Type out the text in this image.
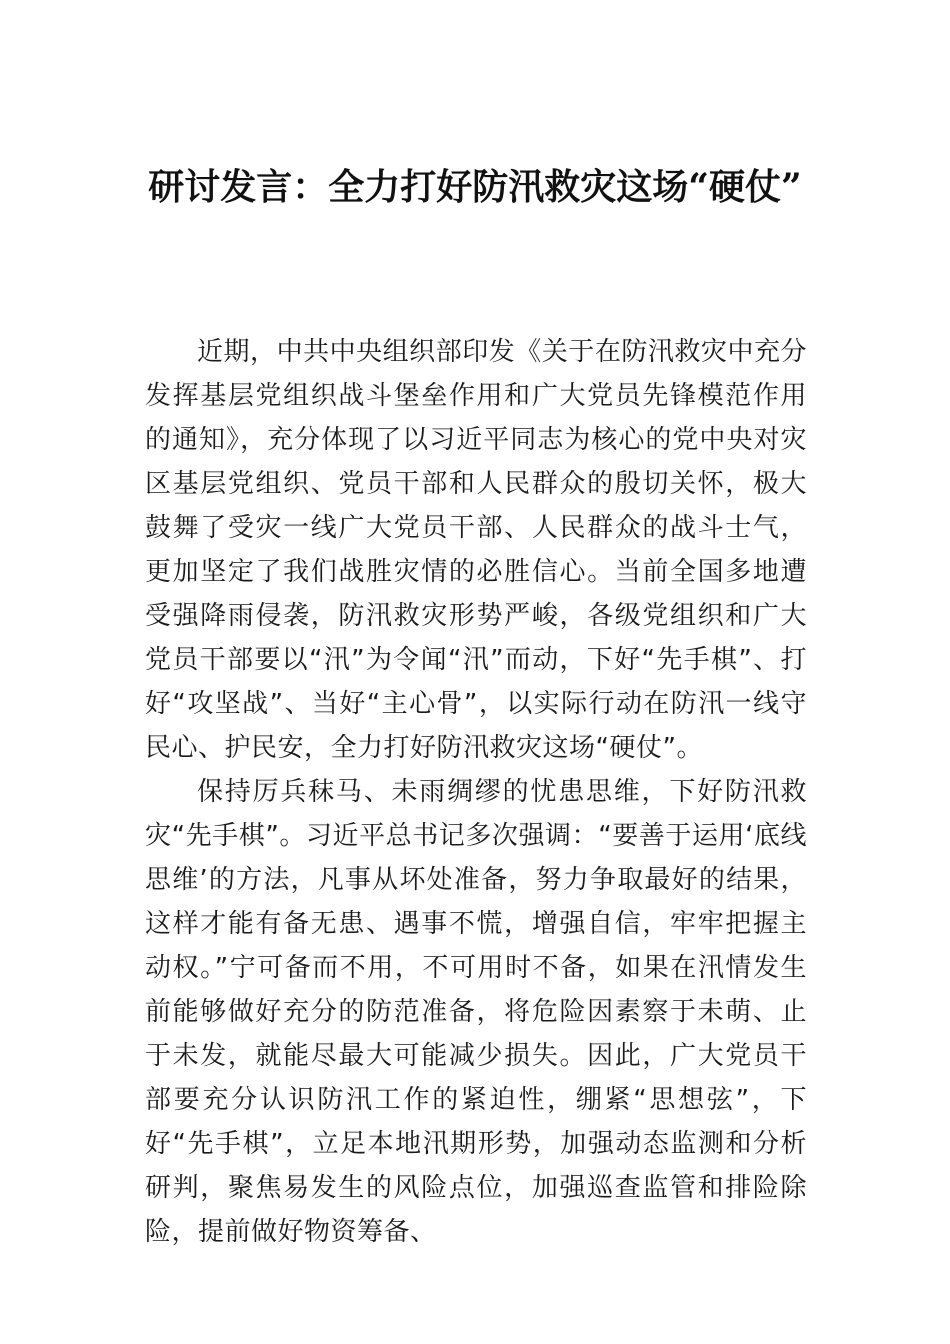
研讨发言：全力打好防汛救灾这场“硬仗”

近期，中共中央组织部印发《关于在防汛救灾中充分发挥基层党组织战斗堡垒作用和广大党员先锋模范作用的通知》，充分体现了以习近平同志为核心的党中央对灾区基层党组织、党员干部和人民群众的殷切关怀，极大鼓舞了受灾一线广大党员干部、人民群众的战斗士气，更加坚定了我们战胜灾情的必胜信心。当前全国多地遭受强降雨侵袭，防汛救灾形势严峻，各级党组织和广大党员干部要以“汛”为令闻“汛”而动，下好“先手棋”、打好“攻坚战”、当好“主心骨”，以实际行动在防汛一线守民心、护民安，全力打好防汛救灾这场“硬仗”。

保持厉兵秣马、未雨绸缪的忧患思维，下好防汛救灾“先手棋”。习近平总书记多次强调：“要善于运用‘底线思维’的方法，凡事从坏处准备，努力争取最好的结果，这样才能有备无患、遇事不慌，增强自信，牢牢把握主动权。”宁可备而不用，不可用时不备，如果在汛情发生前能够做好充分的防范准备，将危险因素察于未萌、止于未发，就能尽最大可能减少损失。因此，广大党员干部要充分认识防汛工作的紧迫性，绷紧“思想弦”，下好“先手棋”，立足本地汛期形势，加强动态监测和分析研判，聚焦易发生的风险点位，加强巡查监管和排险除险，提前做好物资筹备、
